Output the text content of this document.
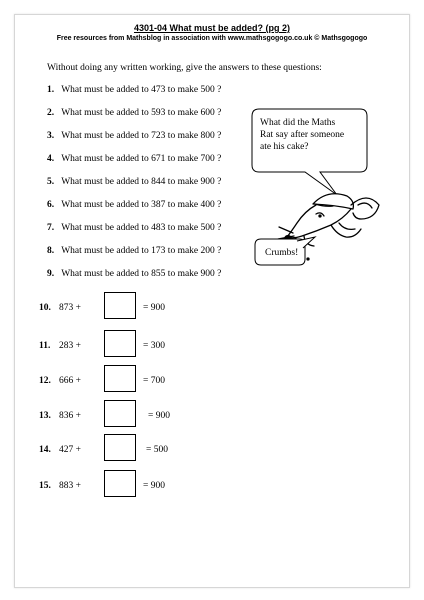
4301-04 What must be added? (pg 2)
Free resources from Mathsblog in association with www.mathsgogogo.co.uk © Mathsgogogo
Without doing any written working, give the answers to these questions:
1. What must be added to 473 to make 500 ?
2. What must be added to 593 to make 600 ?
3. What must be added to 723 to make 800 ?
4. What must be added to 671 to make 700 ?
5. What must be added to 844 to make 900 ?
6. What must be added to 387 to make 400 ?
7. What must be added to 483 to make 500 ?
8. What must be added to 173 to make 200 ?
9. What must be added to 855 to make 900 ?
10. 873 +	= 900
11. 283 +	= 300
12. 666 +	= 700
13. 836 +	= 900
14. 427 +	= 500
15. 883 +	= 900
What did the Maths
Rat say after someone
ate his cake?
Crumbs!
